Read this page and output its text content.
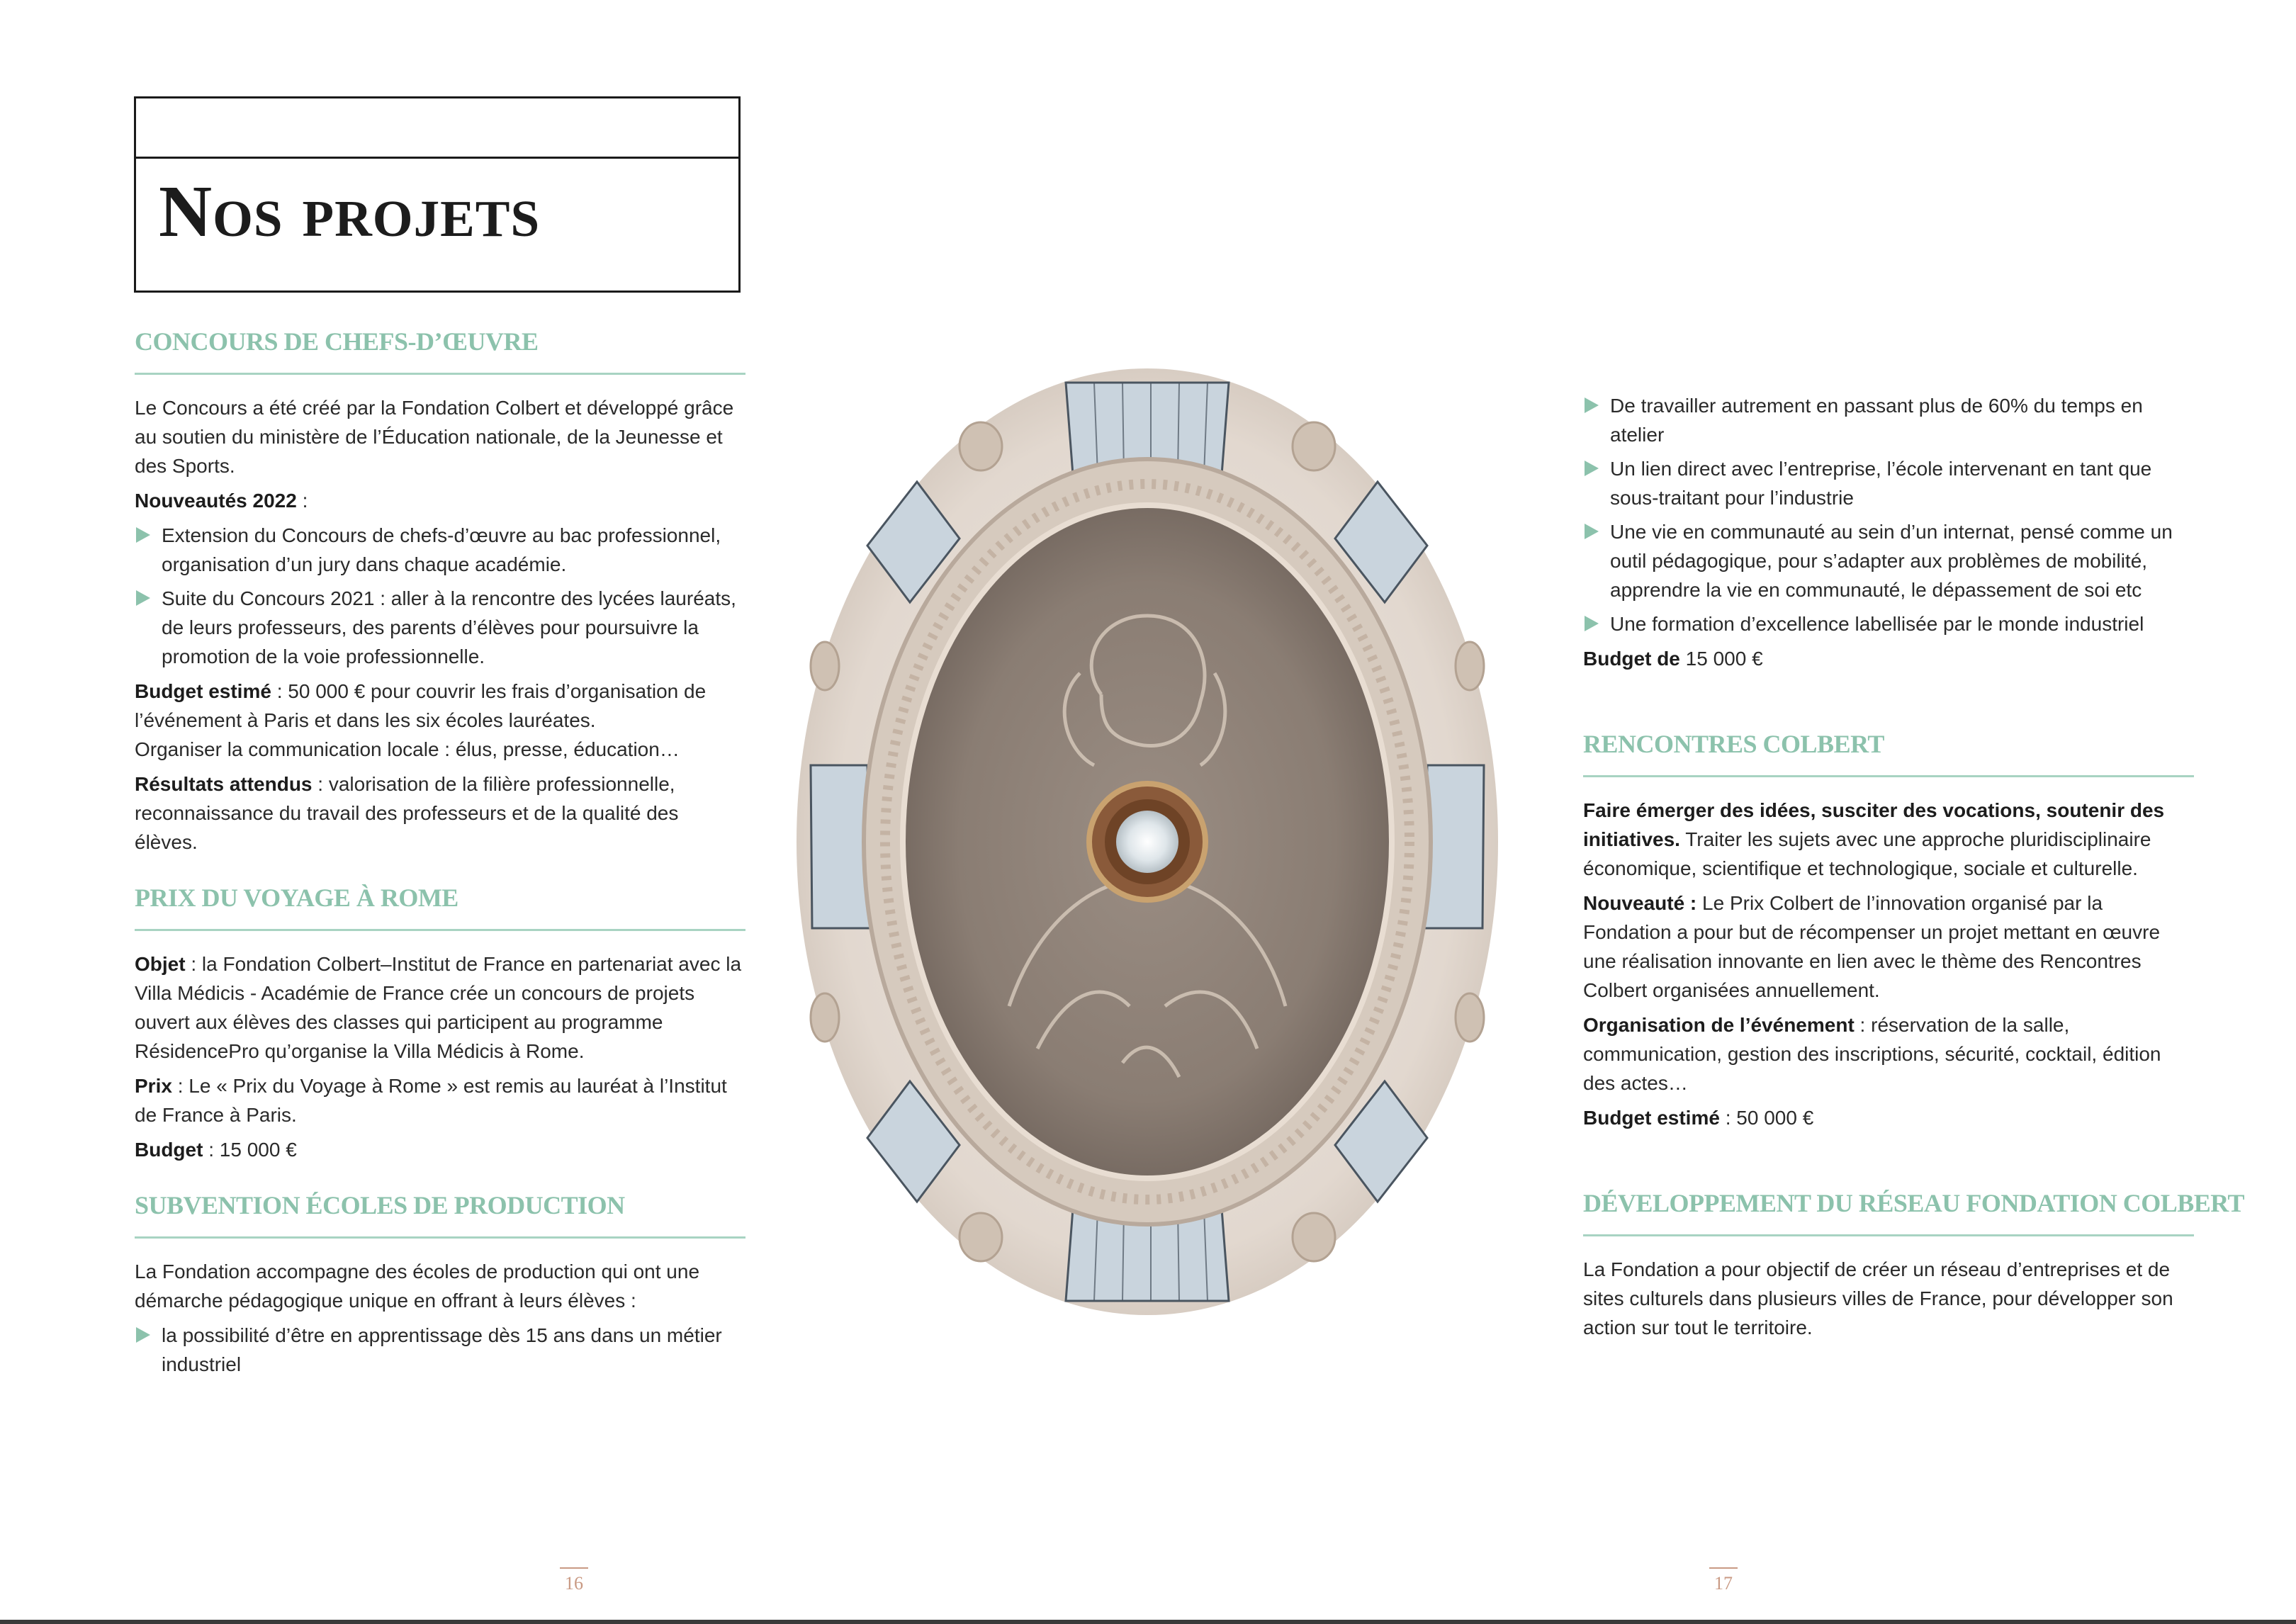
Nos projets
CONCOURS DE CHEFS-D’ŒUVRE

Le Concours a été créé par la Fondation Colbert et développé grâce au soutien du ministère de l’Éducation nationale, de la Jeunesse et des Sports.

Nouveautés 2022 :

Extension du Concours de chefs-d’œuvre au bac professionnel, organisation d’un jury dans chaque académie.
Suite du Concours 2021 : aller à la rencontre des lycées lauréats, de leurs professeurs, des parents d’élèves pour poursuivre la promotion de la voie professionnelle.

Budget estimé : 50 000 € pour couvrir les frais d’organisation de l’événement à Paris et dans les six écoles lauréates.
Organiser la communication locale : élus, presse, éducation…

Résultats attendus : valorisation de la filière professionnelle, reconnaissance du travail des professeurs et de la qualité des élèves.

PRIX DU VOYAGE À ROME

Objet : la Fondation Colbert–Institut de France en partenariat avec la Villa Médicis - Académie de France crée un concours de projets ouvert aux élèves des classes qui participent au programme RésidencePro qu’organise la Villa Médicis à Rome.

Prix : Le « Prix du Voyage à Rome » est remis au lauréat à l’Institut de France à Paris.

Budget : 15 000 €

SUBVENTION ÉCOLES DE PRODUCTION

La Fondation accompagne des écoles de production qui ont une démarche pédagogique unique en offrant à leurs élèves :

la possibilité d’être en apprentissage dès 15 ans dans un métier industriel
De travailler autrement en passant plus de 60% du temps en atelier
Un lien direct avec l’entreprise, l’école intervenant en tant que sous-traitant pour l’industrie
Une vie en communauté au sein d’un internat, pensé comme un outil pédagogique, pour s’adapter aux problèmes de mobilité, apprendre la vie en communauté, le dépassement de soi etc
Une formation d’excellence labellisée par le monde industriel

Budget de 15 000 €

RENCONTRES COLBERT

Faire émerger des idées, susciter des vocations, soutenir des initiatives. Traiter les sujets avec une approche pluridisciplinaire économique, scientifique et technologique, sociale et culturelle.

Nouveauté : Le Prix Colbert de l’innovation organisé par la Fondation a pour but de récompenser un projet mettant en œuvre une réalisation innovante en lien avec le thème des Rencontres Colbert organisées annuellement.

Organisation de l’événement : réservation de la salle, communication, gestion des inscriptions, sécurité, cocktail, édition des actes…

Budget estimé : 50 000 €

DÉVELOPPEMENT DU RÉSEAU FONDATION COLBERT

La Fondation a pour objectif de créer un réseau d’entreprises et de sites culturels dans plusieurs villes de France, pour développer son action sur tout le territoire.

16	17
